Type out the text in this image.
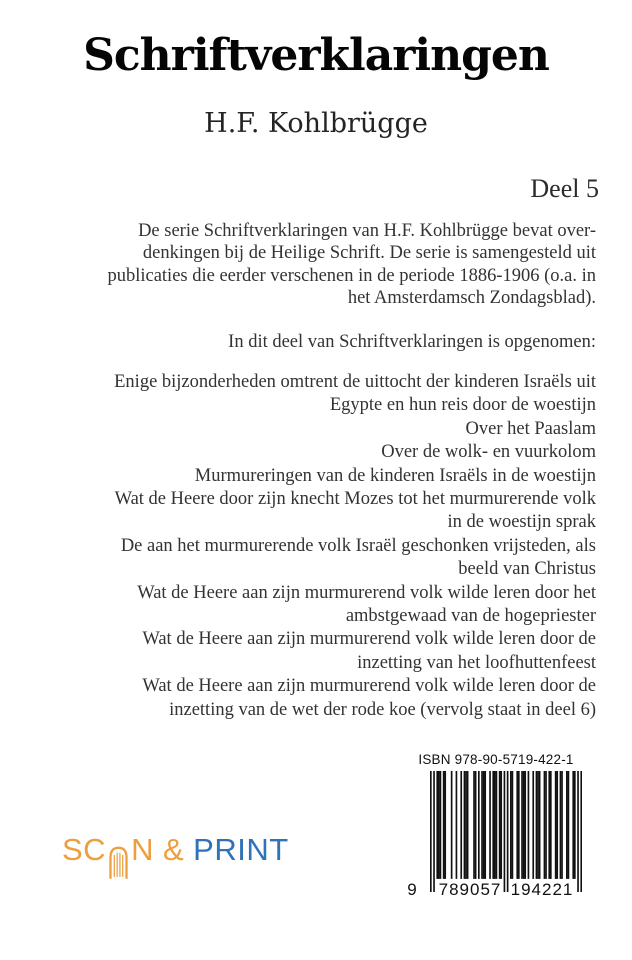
Schriftverklaringen
H.F. Kohlbrügge
Deel 5
De serie Schriftverklaringen van H.F. Kohlbrügge bevat over-
denkingen bij de Heilige Schrift. De serie is samengesteld uit
publicaties die eerder verschenen in de periode 1886-1906 (o.a. in
het Amsterdamsch Zondagsblad).
In dit deel van Schriftverklaringen is opgenomen:
Enige bijzonderheden omtrent de uittocht der kinderen Israëls uit
Egypte en hun reis door de woestijn
Over het Paaslam
Over de wolk- en vuurkolom
Murmureringen van de kinderen Israëls in de woestijn
Wat de Heere door zijn knecht Mozes tot het murmurerende volk
in de woestijn sprak
De aan het murmurerende volk Israël geschonken vrijsteden, als
beeld van Christus
Wat de Heere aan zijn murmurerend volk wilde leren door het
ambstgewaad van de hogepriester
Wat de Heere aan zijn murmurerend volk wilde leren door de
inzetting van het loofhuttenfeest
Wat de Heere aan zijn murmurerend volk wilde leren door de
inzetting van de wet der rode koe (vervolg staat in deel 6)
ISBN 978-90-5719-422-1
9	789057 194221
SC N & PRINT
